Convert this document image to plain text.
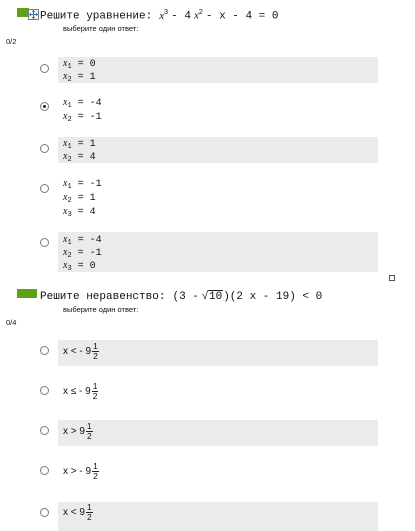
Решите уравнение: $x^3 - 4$ $x^2 - x - 4 = 0$
выберите один ответ:
0/2
$x_1 = 0$
$x_2 = 1$
$x_1 = -4$
$x_2 = -1$
$x_1 = 1$
$x_2 = 4$
$x_1 = -1$
$x_2 = 1$
$x_3 = 4$
$x_1 = -4$
$x_2 = -1$
$x_3 = 0$
Решите неравенство: (3 - √10)(2 x - 19) < 0
выберите один ответ:
0/4
x < - $9 \frac{1}{2}$
x ≤ - $9 \frac{1}{2}$
$x > 9 \frac{1}{2}$
x > - $9 \frac{1}{2}$
$x < 9 \frac{1}{2}$
